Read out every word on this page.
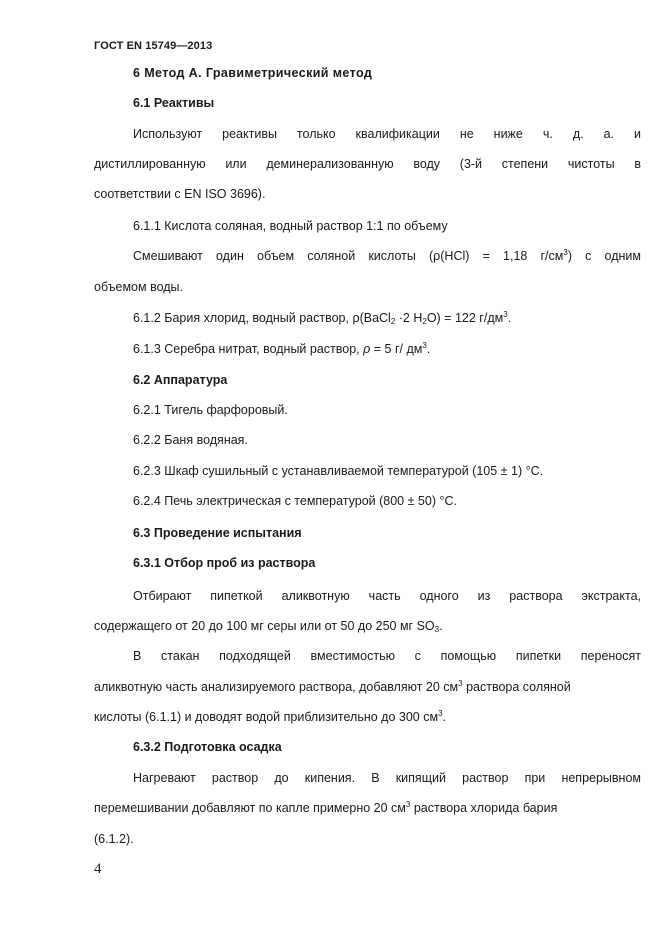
ГОСТ EN 15749—2013
6 Метод А. Гравиметрический метод
6.1 Реактивы
Используют реактивы только квалификации не ниже ч. д. а. и
дистиллированную или деминерализованную воду (3-й степени чистоты в
соответствии с EN ISO 3696).
6.1.1 Кислота соляная, водный раствор 1:1 по объему
Смешивают один объем соляной кислоты (ρ(HCl) = 1,18 $г/см^3$) с одним
объемом воды.
6.1.2 Бария хлорид, водный раствор, ρ(BaCl$_2$ ·2 $H_2O) = 122$ $г/дм^3$.
6.1.3 Серебра нитрат, водный раствор, ρ = 5 г/ $дм^3$.
6.2 Аппаратура
6.2.1 Тигель фарфоровый.
6.2.2 Баня водяная.
6.2.3 Шкаф сушильный с устанавливаемой температурой (105 ± 1) °С.
6.2.4 Печь электрическая с температурой (800 ± 50) °С.
6.3 Проведение испытания
6.3.1 Отбор проб из раствора
Отбирают пипеткой аликвотную часть одного из раствора экстракта,
содержащего от 20 до 100 мг серы или от 50 до 250 мг $SO_3$.
В стакан подходящей вместимостью с помощью пипетки переносят
аликвотную часть анализируемого раствора, добавляют 20 $см^3$ раствора соляной
кислоты (6.1.1) и доводят водой приблизительно до 300 $см^3$.
6.3.2 Подготовка осадка
Нагревают раствор до кипения. В кипящий раствор при непрерывном
перемешивании добавляют по капле примерно 20 $см^3$ раствора хлорида бария
(6.1.2).
4
